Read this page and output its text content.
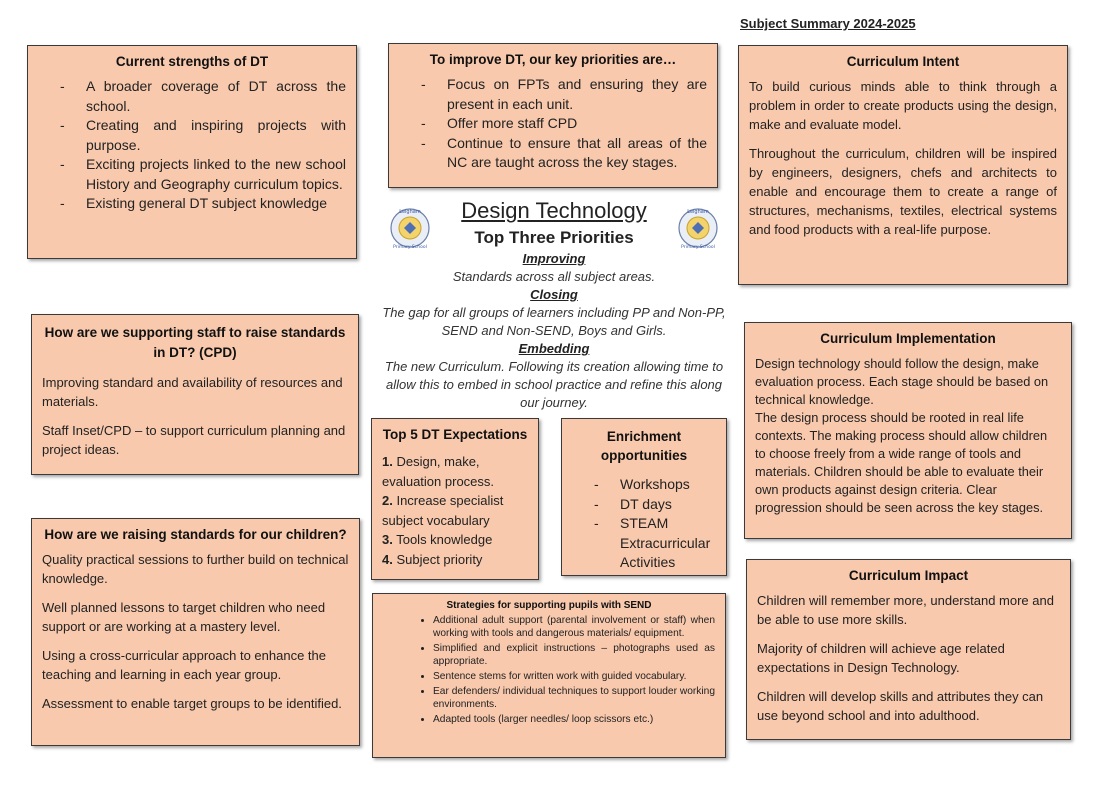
Subject Summary 2024-2025
Current strengths of DT
- A broader coverage of DT across the school.
- Creating and inspiring projects with purpose.
- Exciting projects linked to the new school History and Geography curriculum topics.
- Existing general DT subject knowledge
To improve DT, our key priorities are…
- Focus on FPTs and ensuring they are present in each unit.
- Offer more staff CPD
- Continue to ensure that all areas of the NC are taught across the key stages.
Curriculum Intent

To build curious minds able to think through a problem in order to create products using the design, make and evaluate model.

Throughout the curriculum, children will be inspired by engineers, designers, chefs and architects to enable and encourage them to create a range of structures, mechanisms, textiles, electrical systems and food products with a real-life purpose.

Leigham
Primary School
Leigham
Primary School
Design Technology
Top Three Priorities
Improving
Standards across all subject areas.
Closing
The gap for all groups of learners including PP and Non-PP, SEND and Non-SEND, Boys and Girls.
Embedding
The new Curriculum. Following its creation allowing time to allow this to embed in school practice and refine this along our journey.
How are we supporting staff to raise standards in DT? (CPD)

Improving standard and availability of resources and materials.

Staff Inset/CPD – to support curriculum planning and project ideas.

How are we raising standards for our children?

Quality practical sessions to further build on technical knowledge.

Well planned lessons to target children who need support or are working at a mastery level.

Using a cross-curricular approach to enhance the teaching and learning in each year group.

Assessment to enable target groups to be identified.

Top 5 DT Expectations
1. Design, make, evaluation process.
2. Increase specialist subject vocabulary
3. Tools knowledge
4. Subject priority
Enrichment opportunities
- Workshops
- DT days
- STEAM Extracurricular Activities
Strategies for supporting pupils with SEND
• Additional adult support (parental involvement or staff) when working with tools and dangerous materials/ equipment.
• Simplified and explicit instructions – photographs used as appropriate.
• Sentence stems for written work with guided vocabulary.
• Ear defenders/ individual techniques to support louder working environments.
• Adapted tools (larger needles/ loop scissors etc.)
Curriculum Implementation

Design technology should follow the design, make evaluation process. Each stage should be based on technical knowledge.

The design process should be rooted in real life contexts. The making process should allow children to choose freely from a wide range of tools and materials. Children should be able to evaluate their own products against design criteria. Clear progression should be seen across the key stages.

Curriculum Impact

Children will remember more, understand more and be able to use more skills.

Majority of children will achieve age related expectations in Design Technology.

Children will develop skills and attributes they can use beyond school and into adulthood.
